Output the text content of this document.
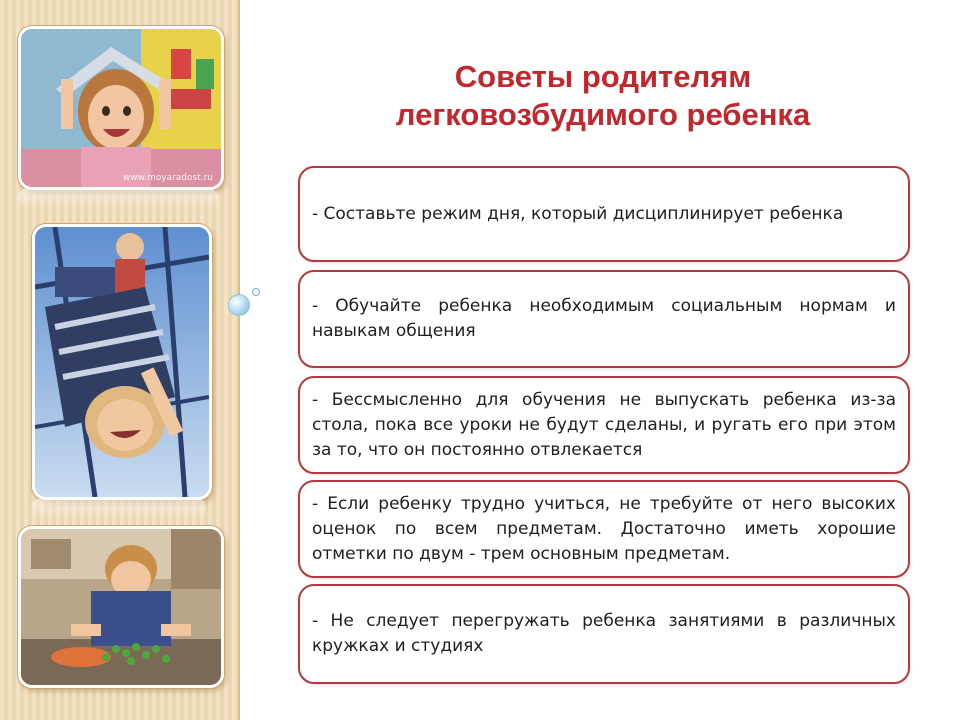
www.moyaradost.ru
Советы родителям
легковозбудимого ребенка
- Составьте режим дня, который дисциплинирует ребенка
- Обучайте ребенка необходимым социальным нормам и навыкам общения
- Бессмысленно для обучения не выпускать ребенка из-за стола, пока все уроки не будут сделаны, и ругать его при этом за то, что он постоянно отвлекается
- Если ребенку трудно учиться, не требуйте от него высоких оценок по всем предметам. Достаточно иметь хорошие отметки по двум - трем основным предметам.
- Не следует перегружать ребенка занятиями в различных кружках и студиях
